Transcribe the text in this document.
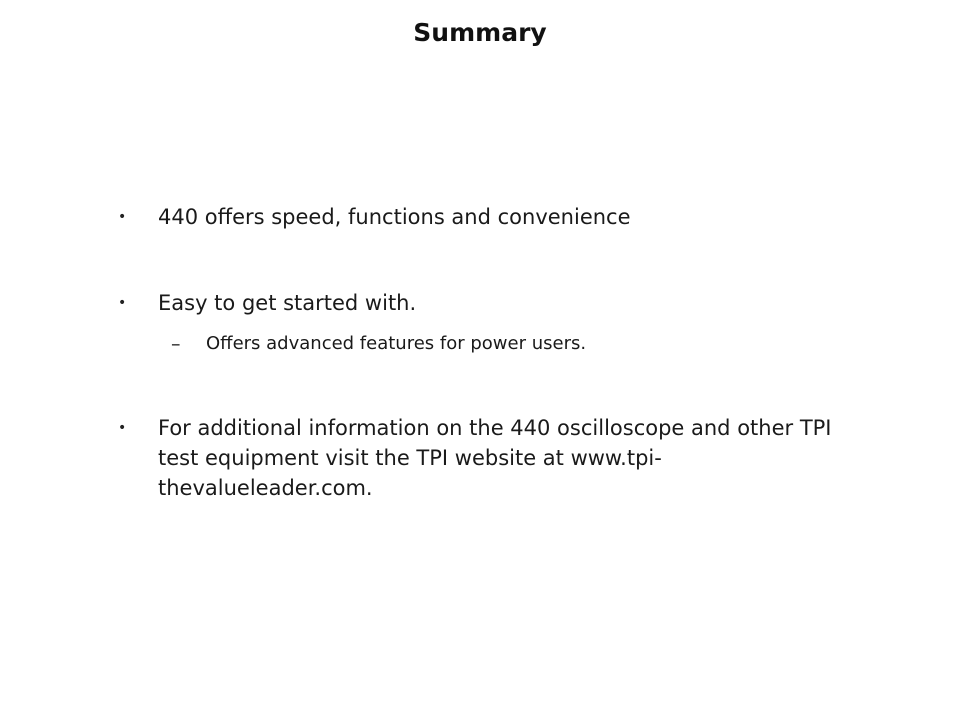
Summary
• 440 offers speed, functions and convenience
• Easy to get started with.
– Offers advanced features for power users.
• For additional information on the 440 oscilloscope and other TPI test equipment visit the TPI website at www.tpi-thevalueleader.com.
